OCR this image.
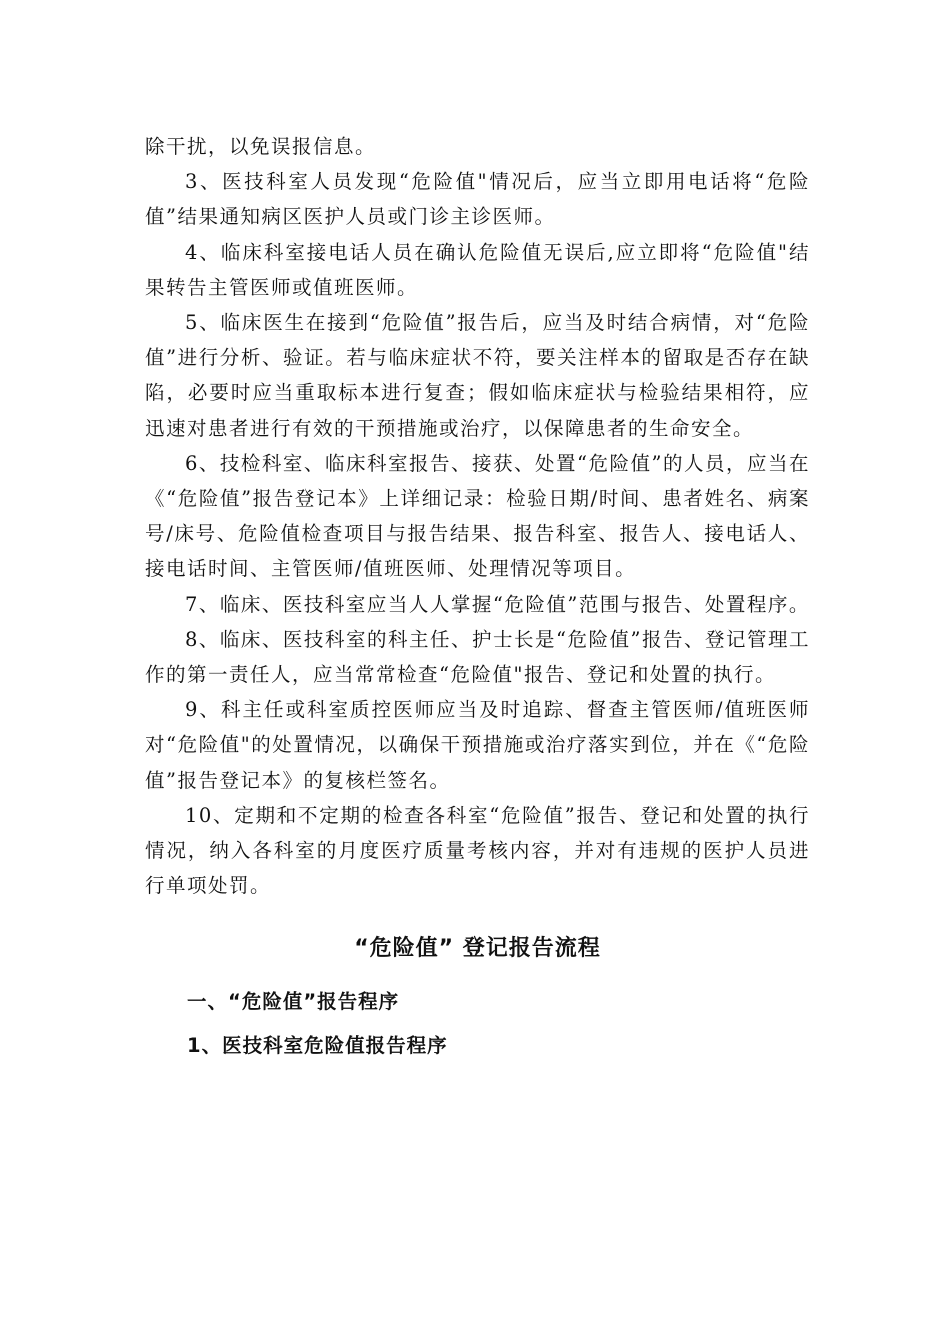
除干扰，以免误报信息。

3、医技科室人员发现“危险值"情况后，应当立即用电话将“危险值”结果通知病区医护人员或门诊主诊医师。

4、临床科室接电话人员在确认危险值无误后,应立即将“危险值"结果转告主管医师或值班医师。

5、临床医生在接到“危险值”报告后，应当及时结合病情，对“危险值”进行分析、验证。若与临床症状不符，要关注样本的留取是否存在缺陷，必要时应当重取标本进行复查；假如临床症状与检验结果相符，应迅速对患者进行有效的干预措施或治疗，以保障患者的生命安全。

6、技检科室、临床科室报告、接获、处置“危险值”的人员，应当在《“危险值”报告登记本》上详细记录：检验日期/时间、患者姓名、病案号/床号、危险值检查项目与报告结果、报告科室、报告人、接电话人、接电话时间、主管医师/值班医师、处理情况等项目。

7、临床、医技科室应当人人掌握“危险值”范围与报告、处置程序。

8、临床、医技科室的科主任、护士长是“危险值”报告、登记管理工作的第一责任人，应当常常检查“危险值"报告、登记和处置的执行。

9、科主任或科室质控医师应当及时追踪、督查主管医师/值班医师对“危险值"的处置情况，以确保干预措施或治疗落实到位，并在《“危险值”报告登记本》的复核栏签名。

10、定期和不定期的检查各科室“危险值”报告、登记和处置的执行情况，纳入各科室的月度医疗质量考核内容，并对有违规的医护人员进行单项处罚。

“危险值” 登记报告流程
一、“危险值”报告程序
1、医技科室危险值报告程序
